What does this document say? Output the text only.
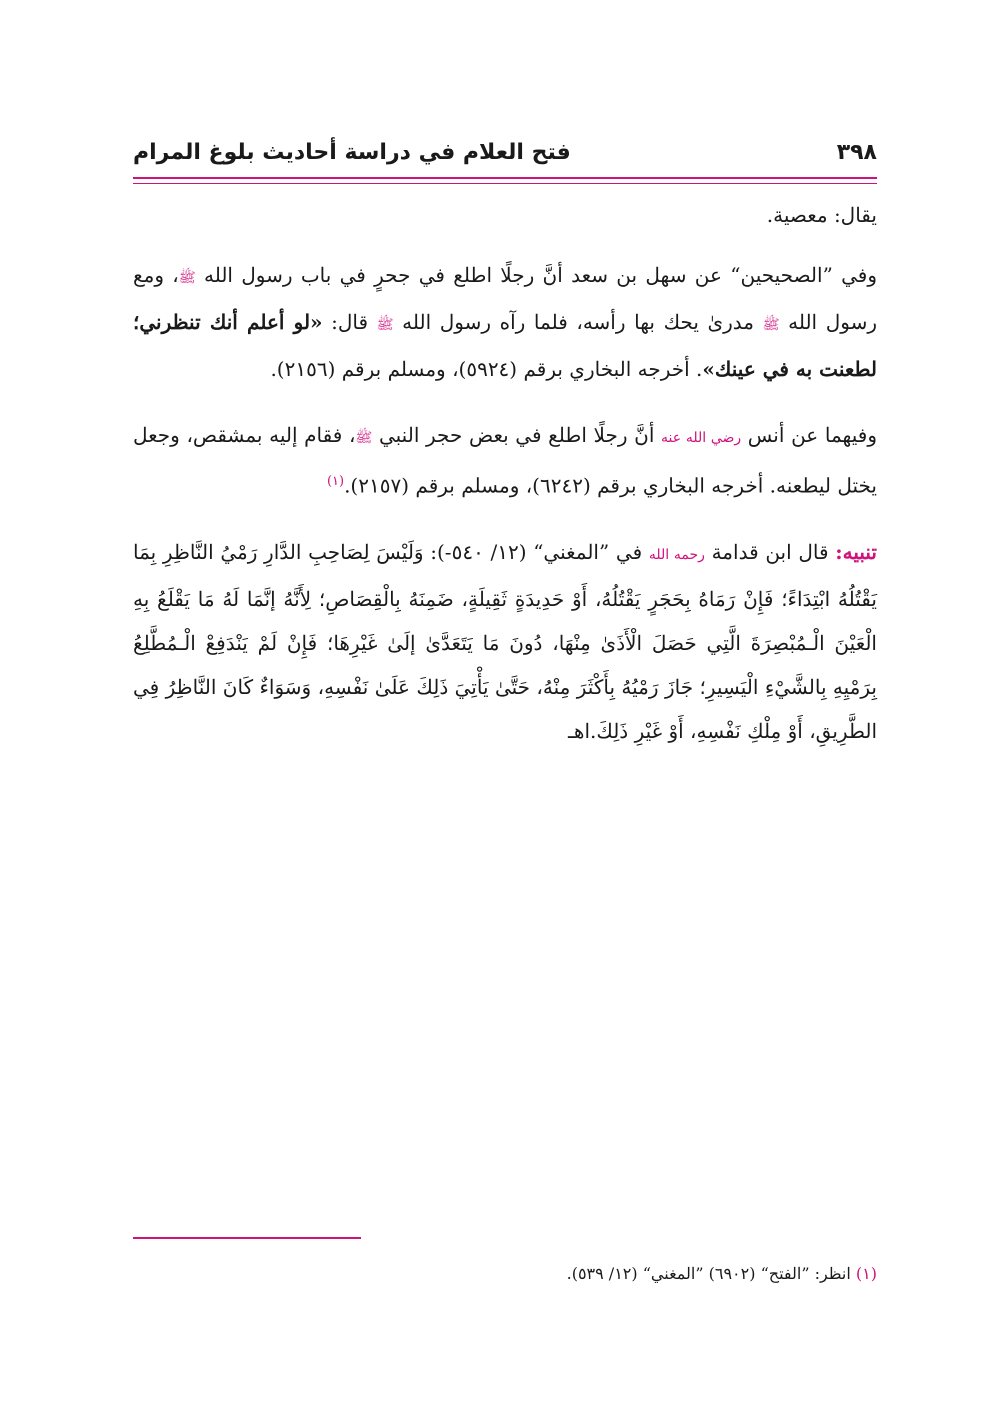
٣٩٨
فتح العلام في دراسة أحاديث بلوغ المرام

يقال: معصية.

وفي ”الصحيحين“ عن سهل بن سعد أنَّ رجلًا اطلع في جحرٍ في باب رسول الله ﷺ، ومع رسول الله ﷺ مدرىٰ يحك بها رأسه، فلما رآه رسول الله ﷺ قال: «لو أعلم أنك تنظرني؛ لطعنت به في عينك». أخرجه البخاري برقم (٥٩٢٤)، ومسلم برقم (٢١٥٦).

وفيهما عن أنس رضي الله عنه أنَّ رجلًا اطلع في بعض حجر النبي ﷺ، فقام إليه بمشقص، وجعل يختل ليطعنه. أخرجه البخاري برقم (٦٢٤٢)، ومسلم برقم (٢١٥٧).$^{(١)}$

تنبيه: قال ابن قدامة رحمه الله في ”المغني“ (١٢/ ٥٤٠-): وَلَيْسَ لِصَاحِبِ الدَّارِ رَمْيُ النَّاظِرِ بِمَا يَقْتُلُهُ ابْتِدَاءً؛ فَإِنْ رَمَاهُ بِحَجَرٍ يَقْتُلُهُ، أَوْ حَدِيدَةٍ ثَقِيلَةٍ، ضَمِنَهُ بِالْقِصَاصِ؛ لِأَنَّهُ إنَّمَا لَهُ مَا يَقْلَعُ بِهِ الْعَيْنَ الْـمُبْصِرَةَ الَّتِي حَصَلَ الْأَذَىٰ مِنْهَا، دُونَ مَا يَتَعَدَّىٰ إلَىٰ غَيْرِهَا؛ فَإِنْ لَمْ يَنْدَفِعْ الْـمُطَّلِعُ بِرَمْيِهِ بِالشَّيْءِ الْيَسِيرِ؛ جَازَ رَمْيُهُ بِأَكْثَرَ مِنْهُ، حَتَّىٰ يَأْتِيَ ذَلِكَ عَلَىٰ نَفْسِهِ، وَسَوَاءٌ كَانَ النَّاظِرُ فِي الطَّرِيقِ، أَوْ مِلْكِ نَفْسِهِ، أَوْ غَيْرِ ذَلِكَ.اهـ

(١) انظر: ”الفتح“ (٦٩٠٢) ”المغني“ (١٢/ ٥٣٩).
